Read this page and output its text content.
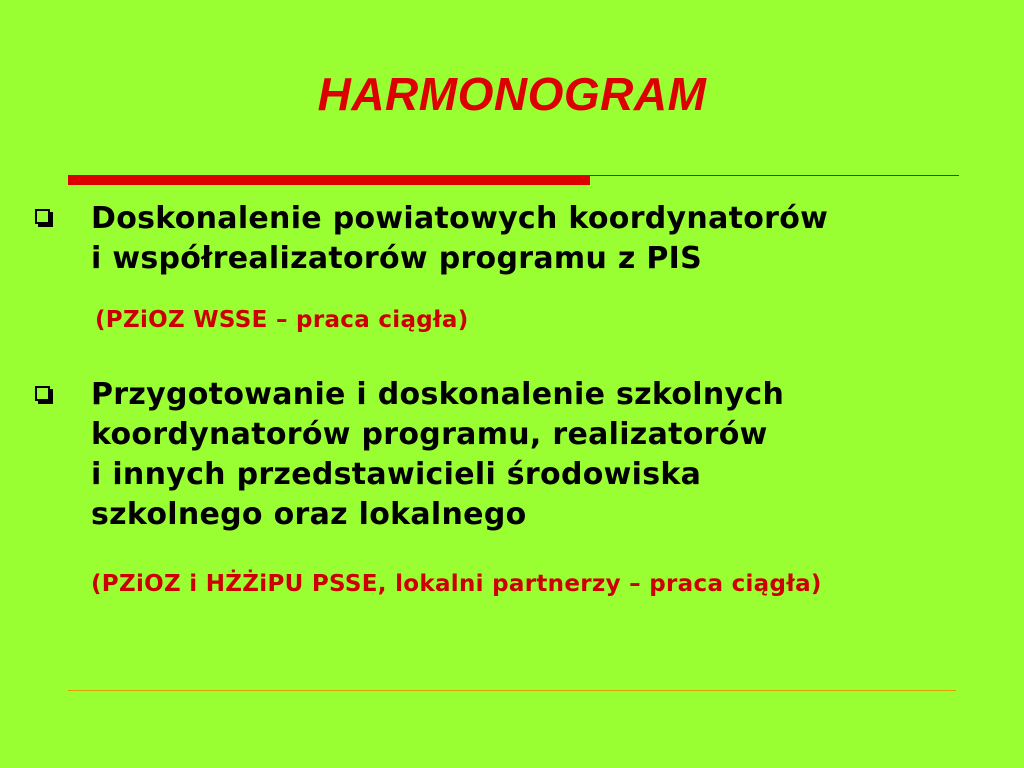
HARMONOGRAM
Doskonalenie powiatowych koordynatorów
i współrealizatorów programu z PIS

(PZiOZ WSSE – praca ciągła)

Przygotowanie i doskonalenie szkolnych
koordynatorów programu, realizatorów
i innych przedstawicieli środowiska
szkolnego oraz lokalnego

(PZiOZ i HŻŻiPU PSSE, lokalni partnerzy – praca ciągła)
